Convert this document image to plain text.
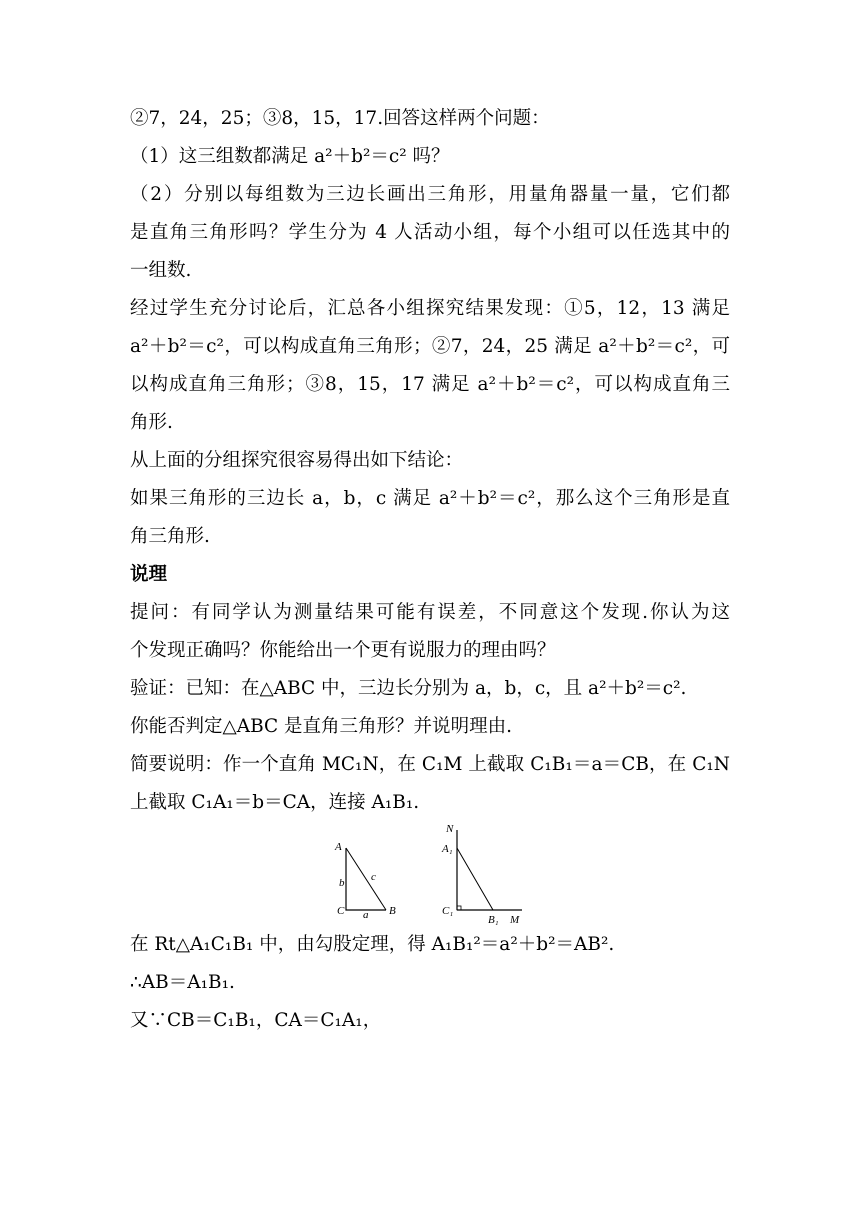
②7，24，25；③8，15，17.回答这样两个问题：
（1）这三组数都满足 a²＋b²＝c² 吗？
（2）分别以每组数为三边长画出三角形，用量角器量一量，它们都
是直角三角形吗？学生分为 4 人活动小组，每个小组可以任选其中的
一组数.
经过学生充分讨论后，汇总各小组探究结果发现：①5，12，13 满足
a²＋b²＝c²，可以构成直角三角形；②7，24，25 满足 a²＋b²＝c²，可
以构成直角三角形；③8，15，17 满足 a²＋b²＝c²，可以构成直角三
角形.
从上面的分组探究很容易得出如下结论：
如果三角形的三边长 a，b，c 满足 a²＋b²＝c²，那么这个三角形是直
角三角形.
说理
提问：有同学认为测量结果可能有误差，不同意这个发现.你认为这
个发现正确吗？你能给出一个更有说服力的理由吗？
验证：已知：在△ABC 中，三边长分别为 a，b，c，且 a²＋b²＝c².
你能否判定△ABC 是直角三角形？并说明理由.
简要说明：作一个直角 MC₁N，在 C₁M 上截取 C₁B₁＝a＝CB，在 C₁N
上截取 C₁A₁＝b＝CA，连接 A₁B₁.
A
C	B
b c
a
N
A₁
C₁
B₁ M
在 Rt△A₁C₁B₁ 中，由勾股定理，得 A₁B₁²＝a²＋b²＝AB².
∴AB＝A₁B₁.
又∵CB＝C₁B₁，CA＝C₁A₁，
